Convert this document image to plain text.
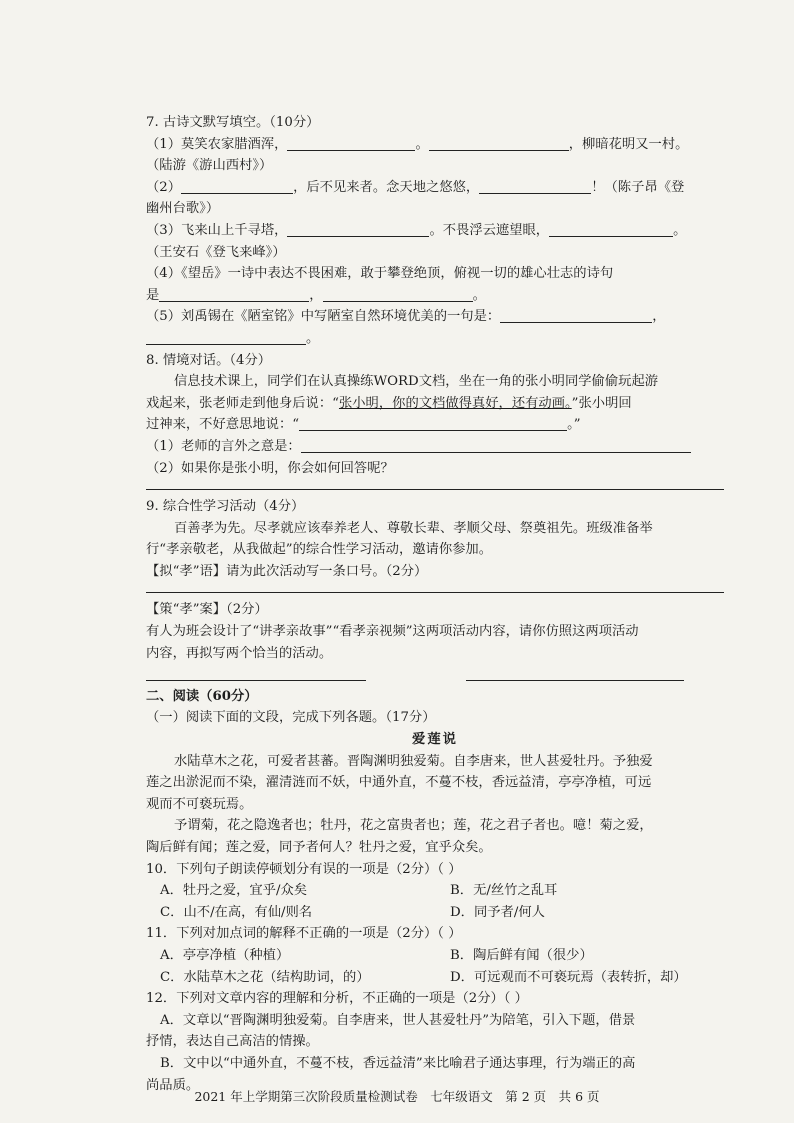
7. 古诗文默写填空。（10分）
（1）莫笑农家腊酒浑，	。	，柳暗花明又一村。
（陆游《游山西村》）
（2）	，后不见来者。念天地之悠悠，	！（陈子昂《登
幽州台歌》）
（3）飞来山上千寻塔，	。不畏浮云遮望眼，	。
（王安石《登飞来峰》）
（4）《望岳》一诗中表达不畏困难，敢于攀登绝顶，俯视一切的雄心壮志的诗句
是	，	。
（5）刘禹锡在《陋室铭》中写陋室自然环境优美的一句是：	，
。
8. 情境对话。（4分）
信息技术课上，同学们在认真操练WORD文档，坐在一角的张小明同学偷偷玩起游
戏起来，张老师走到他身后说：“张小明，你的文档做得真好，还有动画。”张小明回
过神来，不好意思地说：“	。”
（1）老师的言外之意是：
（2）如果你是张小明，你会如何回答呢？
9. 综合性学习活动（4分）
百善孝为先。尽孝就应该奉养老人、尊敬长辈、孝顺父母、祭奠祖先。班级准备举
行“孝亲敬老，从我做起”的综合性学习活动，邀请你参加。
【拟“孝”语】请为此次活动写一条口号。（2分）
【策“孝”案】（2分）
有人为班会设计了“讲孝亲故事”“看孝亲视频”这两项活动内容，请你仿照这两项活动
内容，再拟写两个恰当的活动。
二、阅读（60分）
（一）阅读下面的文段，完成下列各题。（17分）
爱莲说
水陆草木之花，可爱者甚蕃。晋陶渊明独爱菊。自李唐来，世人甚爱牡丹。予独爱
莲之出淤泥而不染，濯清涟而不妖，中通外直，不蔓不枝，香远益清，亭亭净植，可远
观而不可亵玩焉。
予谓菊，花之隐逸者也；牡丹，花之富贵者也；莲，花之君子者也。噫！菊之爱，
陶后鲜有闻；莲之爱，同予者何人？牡丹之爱，宜乎众矣。
10．下列句子朗读停顿划分有误的一项是（2分）（ ）
A．牡丹之爱，宜乎/众矣	B．无/丝竹之乱耳
C．山不/在高，有仙/则名	D．同予者/何人
11．下列对加点词的解释不正确的一项是（2分）（ ）
A．亭亭净植（种植）	B．陶后鲜有闻（很少）
C．水陆草木之花（结构助词，的）	D．可远观而不可亵玩焉（表转折，却）
12．下列对文章内容的理解和分析，不正确的一项是（2分）（ ）
A．文章以“晋陶渊明独爱菊。自李唐来，世人甚爱牡丹”为陪笔，引入下题，借景
抒情，表达自己高洁的情操。
B．文中以“中通外直，不蔓不枝，香远益清”来比喻君子通达事理，行为端正的高
尚品质。
2021 年上学期第三次阶段质量检测试卷　七年级语文　第 2 页　共 6 页
